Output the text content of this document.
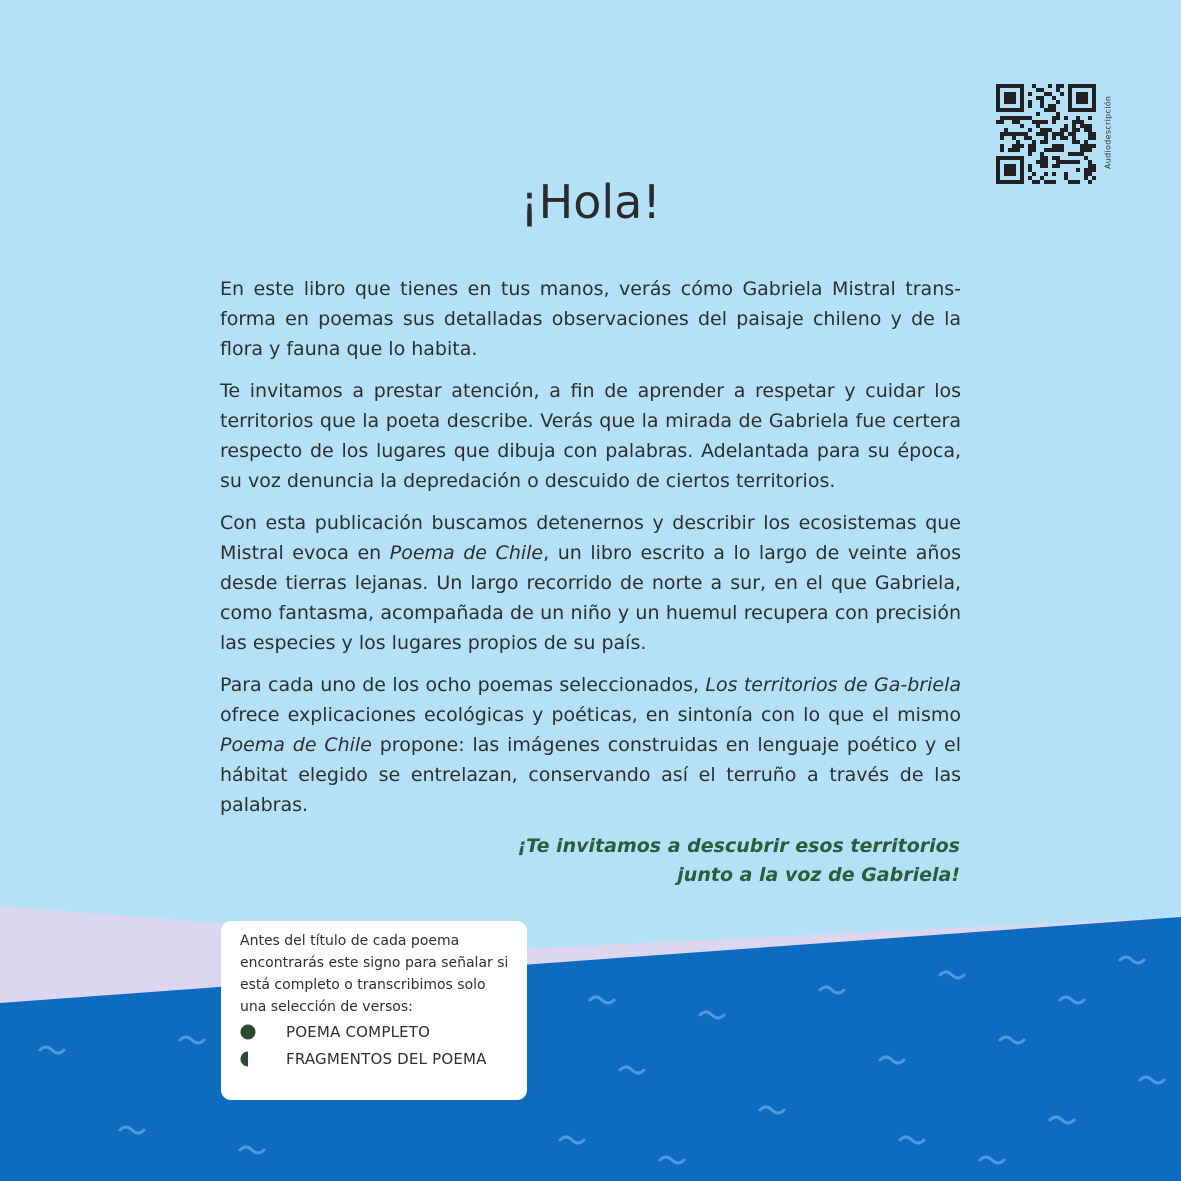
Audiodescripción
¡Hola!

En este libro que tienes en tus manos, verás cómo Gabriela Mistral trans-forma en poemas sus detalladas observaciones del paisaje chileno y de la flora y fauna que lo habita.

Te invitamos a prestar atención, a fin de aprender a respetar y cuidar los territorios que la poeta describe. Verás que la mirada de Gabriela fue certera respecto de los lugares que dibuja con palabras. Adelantada para su época, su voz denuncia la depredación o descuido de ciertos territorios.

Con esta publicación buscamos detenernos y describir los ecosistemas que Mistral evoca en Poema de Chile, un libro escrito a lo largo de veinte años desde tierras lejanas. Un largo recorrido de norte a sur, en el que Gabriela, como fantasma, acompañada de un niño y un huemul recupera con precisión las especies y los lugares propios de su país.

Para cada uno de los ocho poemas seleccionados, Los territorios de Ga-briela ofrece explicaciones ecológicas y poéticas, en sintonía con lo que el mismo Poema de Chile propone: las imágenes construidas en lenguaje poético y el hábitat elegido se entrelazan, conservando así el terruño a través de las palabras.

¡Te invitamos a descubrir esos territorios
junto a la voz de Gabriela!
Antes del título de cada poema encontrarás este signo para señalar si está completo o transcribimos solo una selección de versos:
POEMA COMPLETO
FRAGMENTOS DEL POEMA
